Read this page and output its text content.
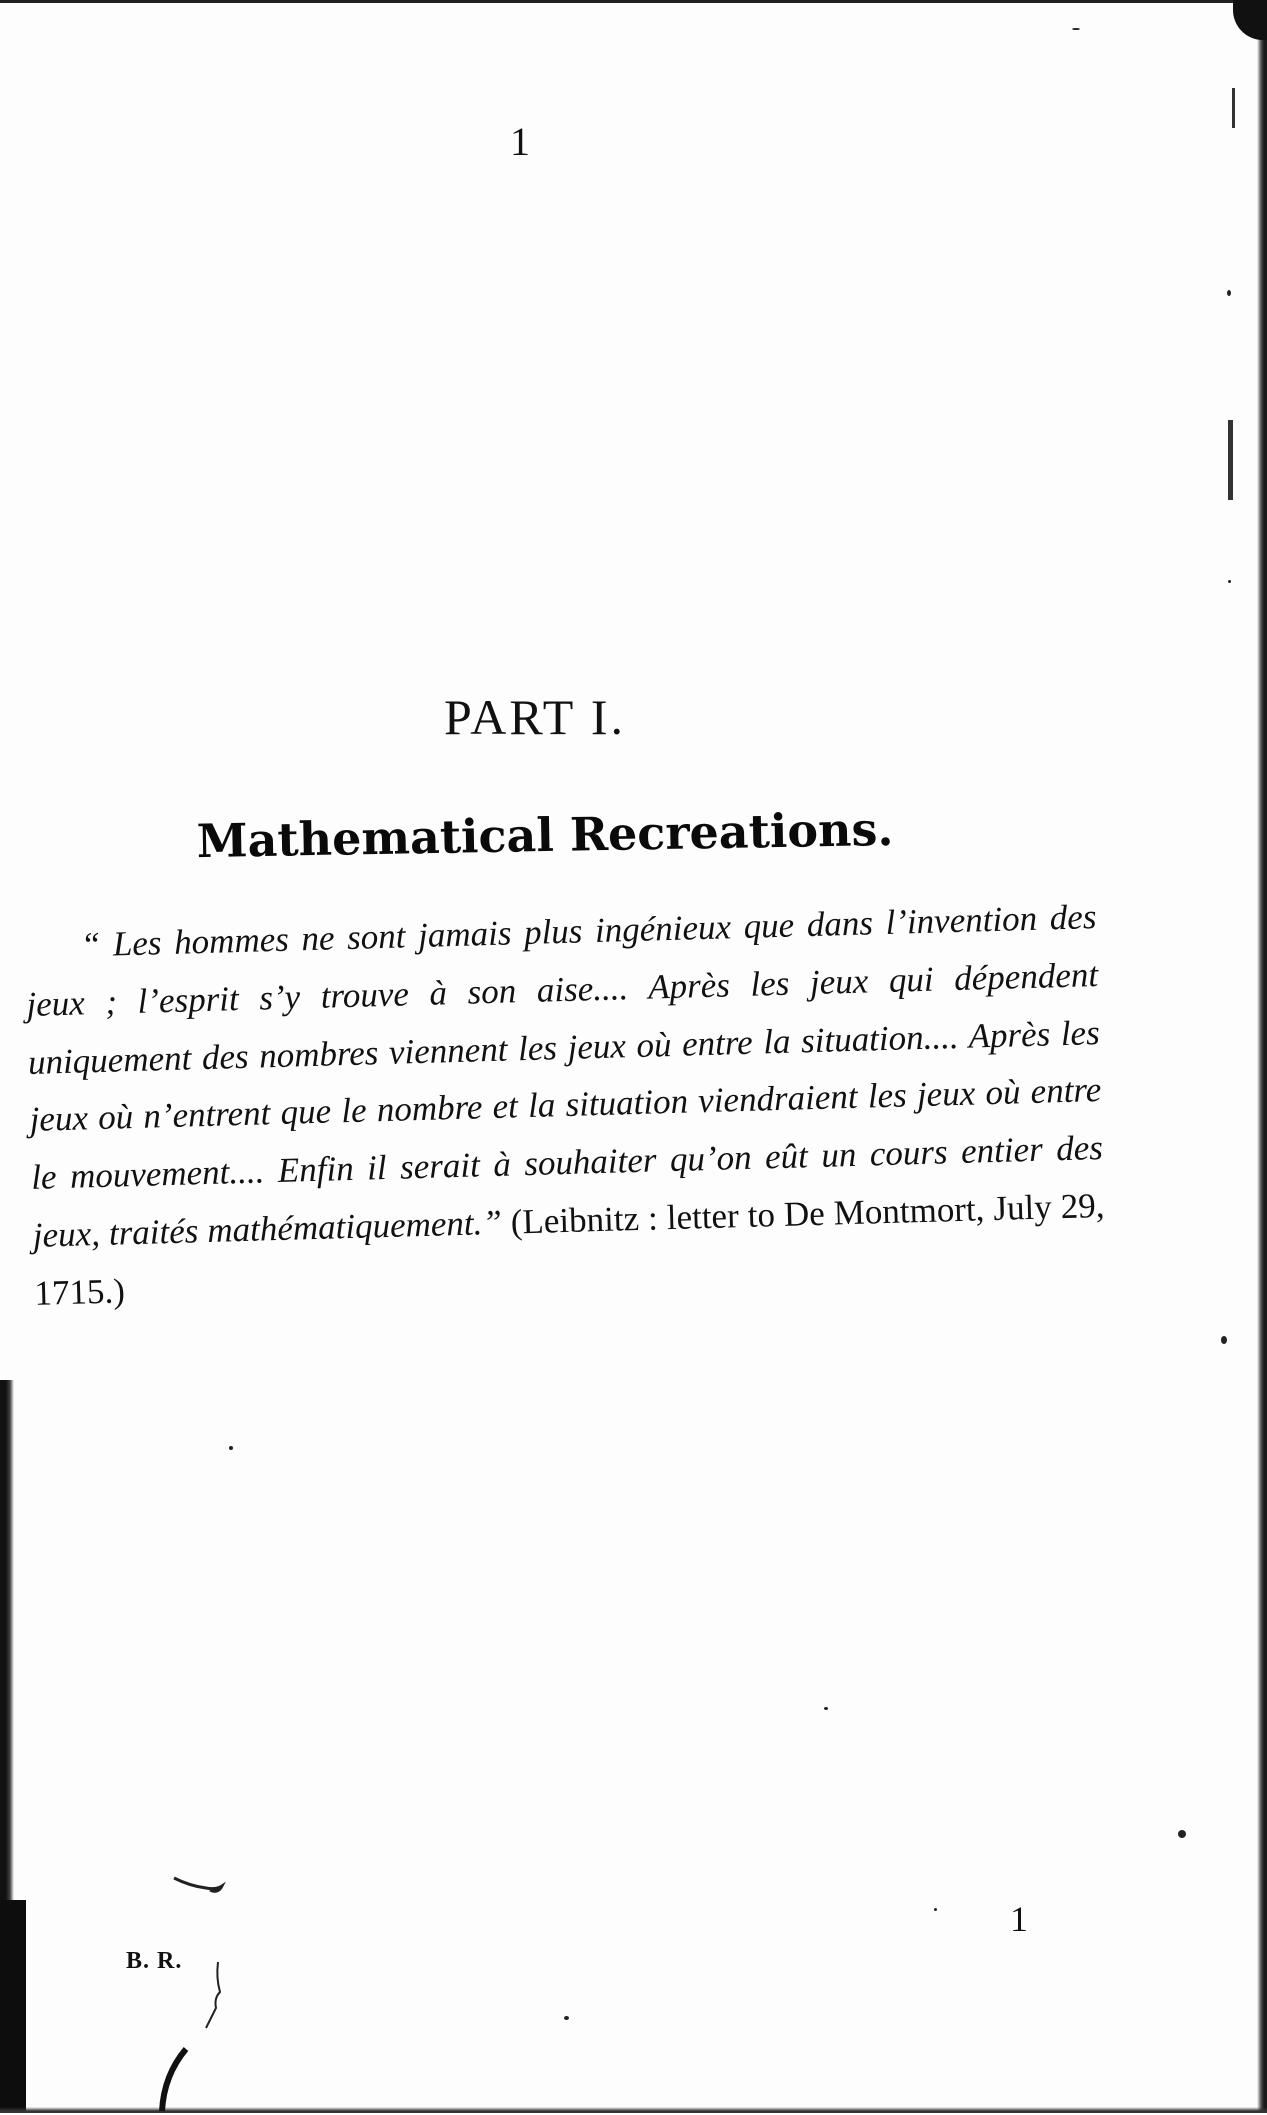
1
PART I.
Mathematical Recreations.
“ Les hommes ne sont jamais plus ingénieux que dans l’invention des jeux ; l’esprit s’y trouve à son aise.... Après les jeux qui dépendent uniquement des nombres viennent les jeux où entre la situation.... Après les jeux où n’entrent que le nombre et la situation viendraient les jeux où entre le mouvement.... Enfin il serait à souhaiter qu’on eût un cours entier des jeux, traités mathématiquement.” (Leibnitz : letter to De Montmort, July 29, 1715.)
B. R.
1
